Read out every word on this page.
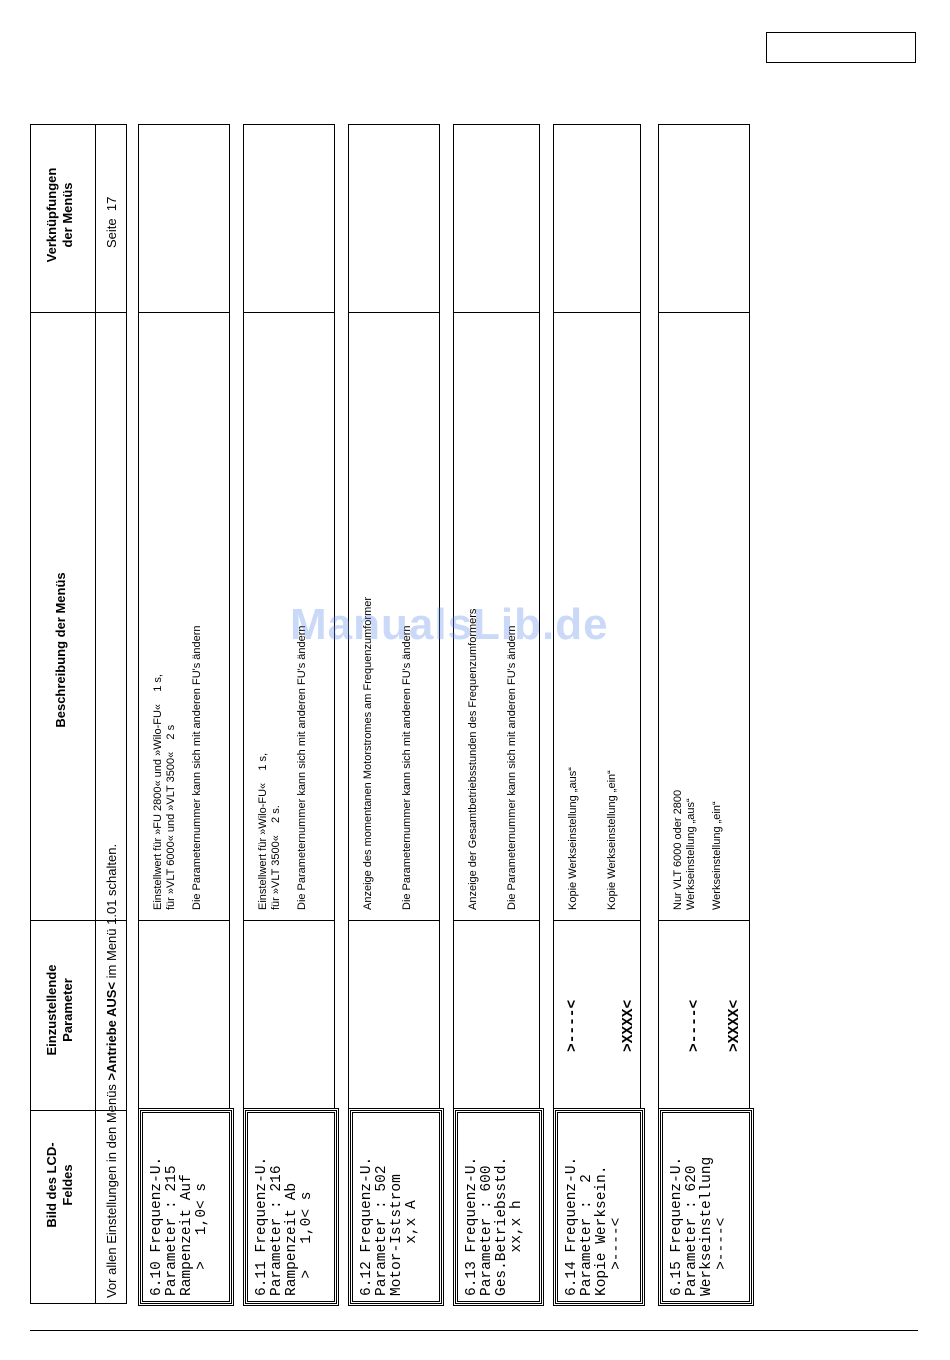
Bild des LCD-
Feldes
Einzustellende
Parameter
Beschreibung der Menüs
Verknüpfungen
der Menüs
Vor allen Einstellungen in den Menüs >Antriebe AUS< im Menü 1.01 schalten.
Seite  17
6.10 Frequenz-U.
Parameter : 215
Rampenzeit Auf
>   1,0< s
Einstellwert für »FU 2800« und »Wilo-FU«    1 s,
für »VLT 6000« und »VLT 3500«    2 s Die Parameternummer kann sich mit anderen FU's ändern
6.11 Frequenz-U.
Parameter : 216
Rampenzeit Ab
>   1,0< s
Einstellwert für »Wilo-FU«    1 s,
für »VLT 3500«    2 s. Die Parameternummer kann sich mit anderen FU's ändern
6.12 Frequenz-U.
Parameter : 502
Motor-Iststrom
x,x A
Anzeige des momentanen Motorstromes am Frequenzumformer Die Parameternummer kann sich mit anderen FU's ändern
6.13 Frequenz-U.
Parameter : 600
Ges.Betriebsstd.
xx,x h
Anzeige der Gesamtbetriebsstunden des Frequenzumformers Die Parameternummer kann sich mit anderen FU's ändern
6.14 Frequenz-U.
Parameter :  2
Kopie Werksein.
>----<
>----<	>XXXX<
Kopie Werkseinstellung „aus“ Kopie Werkseinstellung „ein“
6.15 Frequenz-U.
Parameter : 620
Werkseinstellung
>----<
>----< >XXXX<
Nur VLT 6000 oder 2800
Werkseinstellung „aus“ Werkseinstellung „ein“
ManualsLib.de
